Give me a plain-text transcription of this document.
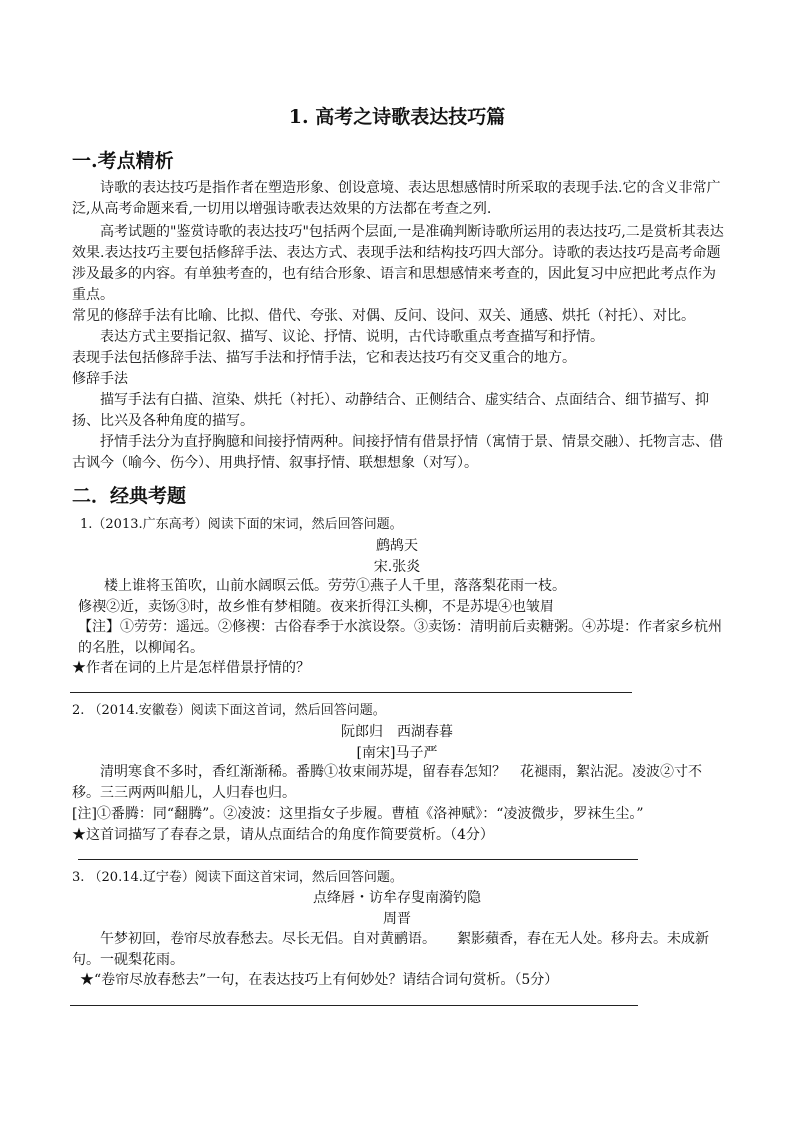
1. 高考之诗歌表达技巧篇
一.考点精析
诗歌的表达技巧是指作者在塑造形象、创设意境、表达思想感情时所采取的表现手法.它的含义非常广泛,从高考命题来看,一切用以增强诗歌表达效果的方法都在考查之列.
高考试题的"鉴赏诗歌的表达技巧"包括两个层面,一是准确判断诗歌所运用的表达技巧,二是赏析其表达效果.表达技巧主要包括修辞手法、表达方式、表现手法和结构技巧四大部分。诗歌的表达技巧是高考命题涉及最多的内容。有单独考查的，也有结合形象、语言和思想感情来考查的，因此复习中应把此考点作为重点。
常见的修辞手法有比喻、比拟、借代、夸张、对偶、反问、设问、双关、通感、烘托（衬托）、对比。
表达方式主要指记叙、描写、议论、抒情、说明，古代诗歌重点考查描写和抒情。
表现手法包括修辞手法、描写手法和抒情手法，它和表达技巧有交叉重合的地方。
修辞手法
描写手法有白描、渲染、烘托（衬托）、动静结合、正侧结合、虚实结合、点面结合、细节描写、抑扬、比兴及各种角度的描写。
抒情手法分为直抒胸臆和间接抒情两种。间接抒情有借景抒情（寓情于景、情景交融）、托物言志、借古讽今（喻今、伤今）、用典抒情、叙事抒情、联想想象（对写）。
二．经典考题
1.（2013.广东高考）阅读下面的宋词，然后回答问题。
鹧鸪天
宋.张炎
楼上谁将玉笛吹，山前水阔暝云低。劳劳①燕子人千里，落落梨花雨一枝。
修禊②近，卖饧③时，故乡惟有梦相随。夜来折得江头柳，不是苏堤④也皱眉
【注】①劳劳：遥远。②修禊：古俗春季于水滨设祭。③卖饧：清明前后卖糖粥。④苏堤：作者家乡杭州的名胜，以柳闻名。
★作者在词的上片是怎样借景抒情的？
2. （2014.安徽卷）阅读下面这首词，然后回答问题。
阮郎归　西湖春暮
[南宋]马子严
清明寒食不多时，香红渐渐稀。番腾①妆束闹苏堤，留春春怎知？　花褪雨，絮沾泥。凌波②寸不移。三三两两叫船儿，人归春也归。
[注]①番腾：同“翻腾”。②凌波：这里指女子步履。曹植《洛神赋》：“凌波微步，罗袜生尘。”
★这首词描写了春春之景，请从点面结合的角度作简要赏析。（4分）
3. （20.14.辽宁卷）阅读下面这首宋词，然后回答问题。
点绛唇・访牟存叟南漪钓隐
周晋
午梦初回，卷帘尽放春愁去。尽长无侣。自对黄鹂语。　　絮影蘋香，春在无人处。移舟去。未成新句。一砚梨花雨。
★“卷帘尽放春愁去”一句，在表达技巧上有何妙处？请结合词句赏析。（5分）
